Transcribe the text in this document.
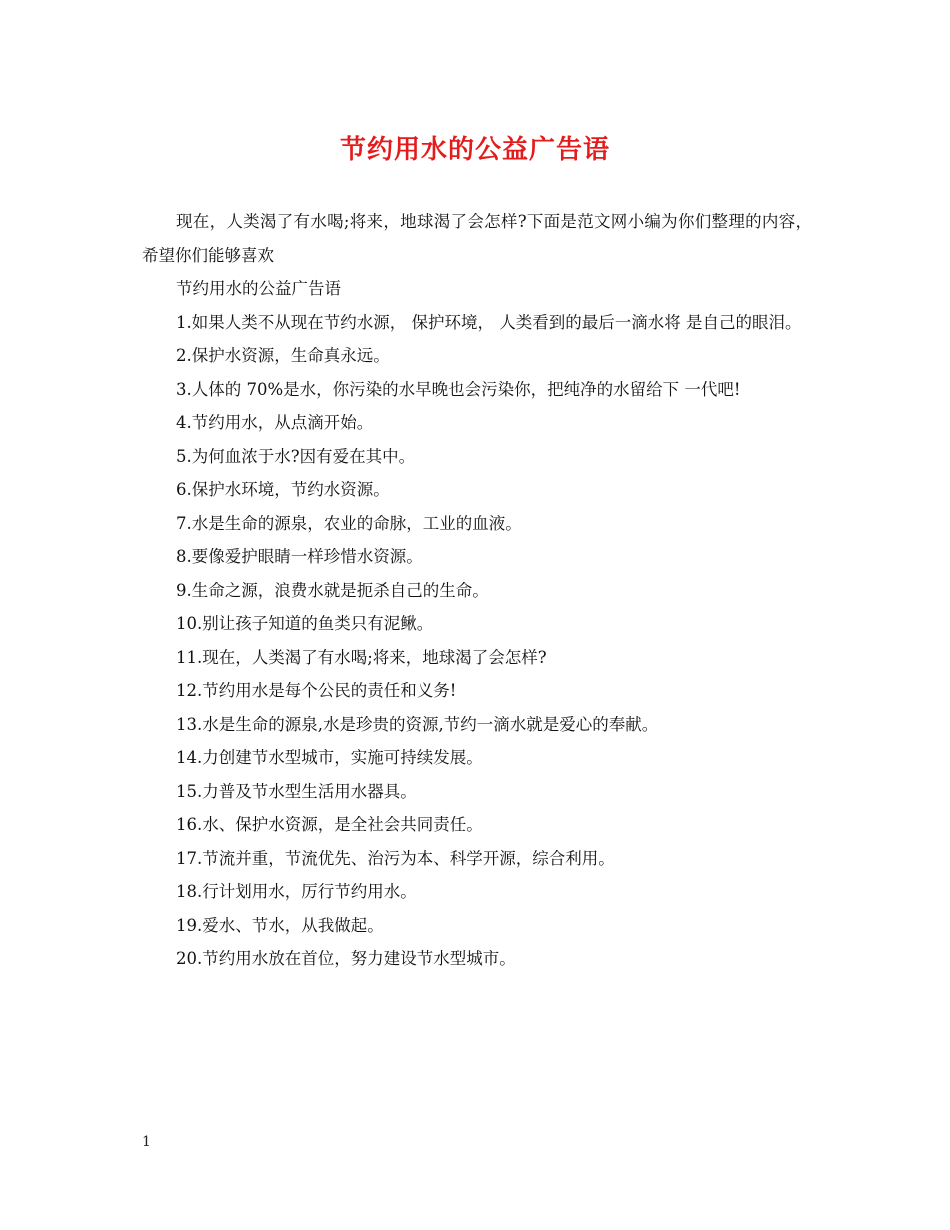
节约用水的公益广告语

现在，人类渴了有水喝;将来，地球渴了会怎样?下面是范文网小编为你们整理的内容，希望你们能够喜欢

节约用水的公益广告语

1.如果人类不从现在节约水源， 保护环境， 人类看到的最后一滴水将 是自己的眼泪。
2.保护水资源，生命真永远。
3.人体的 70%是水，你污染的水早晚也会污染你，把纯净的水留给下 一代吧!
4.节约用水，从点滴开始。
5.为何血浓于水?因有爱在其中。
6.保护水环境，节约水资源。
7.水是生命的源泉，农业的命脉，工业的血液。
8.要像爱护眼睛一样珍惜水资源。
9.生命之源，浪费水就是扼杀自己的生命。
10.别让孩子知道的鱼类只有泥鳅。
11.现在，人类渴了有水喝;将来，地球渴了会怎样?
12.节约用水是每个公民的责任和义务!
13.水是生命的源泉,水是珍贵的资源,节约一滴水就是爱心的奉献。
14.力创建节水型城市，实施可持续发展。
15.力普及节水型生活用水器具。
16.水、保护水资源，是全社会共同责任。
17.节流并重，节流优先、治污为本、科学开源，综合利用。
18.行计划用水，厉行节约用水。
19.爱水、节水，从我做起。
20.节约用水放在首位，努力建设节水型城市。
1
